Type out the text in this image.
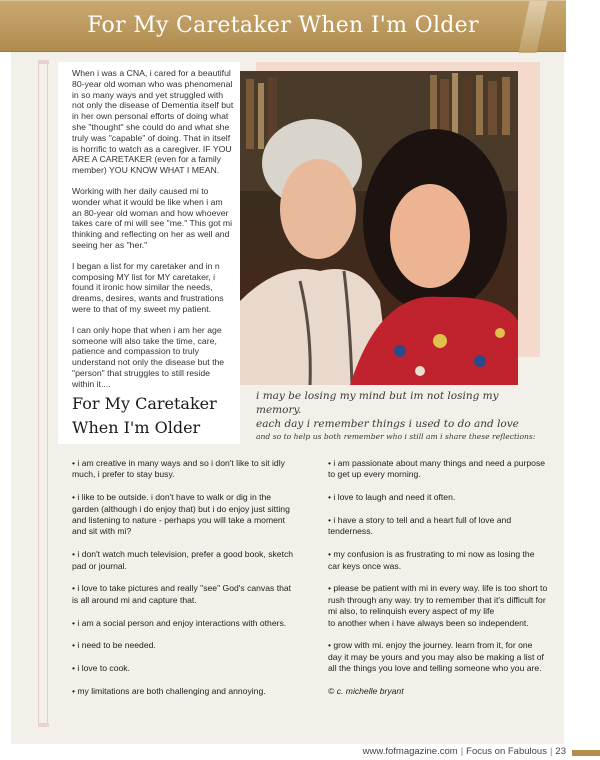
For My Caretaker When I'm Older

When i was a CNA, i cared for a beautiful 80-year old woman who was phenomenal in so many ways and yet struggled with not only the disease of Dementia itself but in her own personal efforts of doing what she "thought" she could do and what she truly was "capable" of doing. That in itself is horrific to watch as a caregiver. IF YOU ARE A CARETAKER (even for a family member) YOU KNOW WHAT I MEAN.

Working with her daily caused mi to wonder what it would be like when i am an 80-year old woman and how whoever takes care of mi will see "me." This got mi thinking and reflecting on her as well and seeing her as "her."

I began a list for my caretaker and in n composing MY list for MY caretaker, i found it ironic how similar the needs, dreams, desires, wants and frustrations were to that of my sweet my patient.

I can only hope that when i am her age someone will also take the time, care, patience and compassion to truly understand not only the disease but the "person" that struggles to still reside within it....

For My Caretaker
When I'm Older
i may be losing my mind but im not losing my memory.
each day i remember things i used to do and love
and so to help us both remember who i still am i share these reflections:
• i am creative in many ways and so i don't like to sit idly much, i prefer to stay busy.
• i like to be outside. i don't have to walk or dig in the garden (although i do enjoy that) but i do enjoy just sitting and listening to nature - perhaps you will take a moment and sit with mi?
• i don't watch much television, prefer a good book, sketch pad or journal.
• i love to take pictures and really "see" God's canvas that is all around mi and capture that.
• i am a social person and enjoy interactions with others.
• i need to be needed.
• i love to cook.
• my limitations are both challenging and annoying.
• i am passionate about many things and need a purpose to get up every morning.
• i love to laugh and need it often.
• i have a story to tell and a heart full of love and tenderness.
• my confusion is as frustrating to mi now as losing the car keys once was.
• please be patient with mi in every way. life is too short to rush through any way. try to remember that it's difficult for mi also, to relinquish every aspect of my life
to another when i have always been so independent.
• grow with mi. enjoy the journey. learn from it, for one day it may be yours and you may also be making a list of all the things you love and telling someone who you are.
© c. michelle bryant
www.fofmagazine.com | Focus on Fabulous | 23
